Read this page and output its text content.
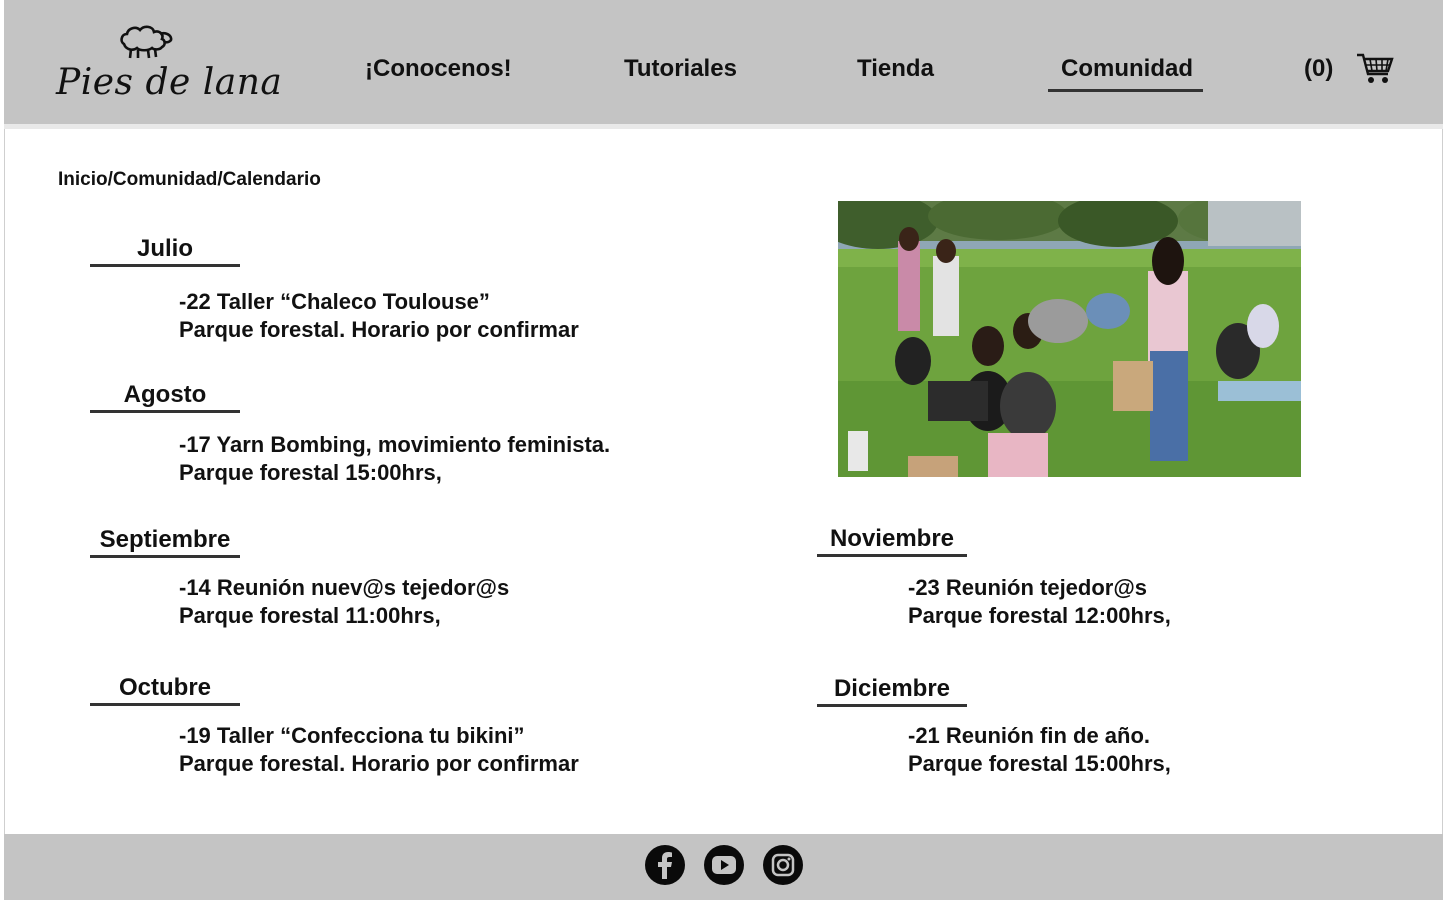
Pies de lana	¡Conocenos!	Tutoriales	Tienda	Comunidad	(0)
Inicio/Comunidad/Calendario
Julio
-22 Taller “Chaleco Toulouse”
Parque forestal. Horario por confirmar
Agosto
-17 Yarn Bombing, movimiento feminista.
Parque forestal 15:00hrs,
Septiembre
-14 Reunión nuev@s tejedor@s
Parque forestal 11:00hrs,
Octubre
-19 Taller “Confecciona tu bikini”
Parque forestal. Horario por confirmar
Noviembre
-23 Reunión tejedor@s
Parque forestal 12:00hrs,
Diciembre
-21 Reunión fin de año.
Parque forestal 15:00hrs,
